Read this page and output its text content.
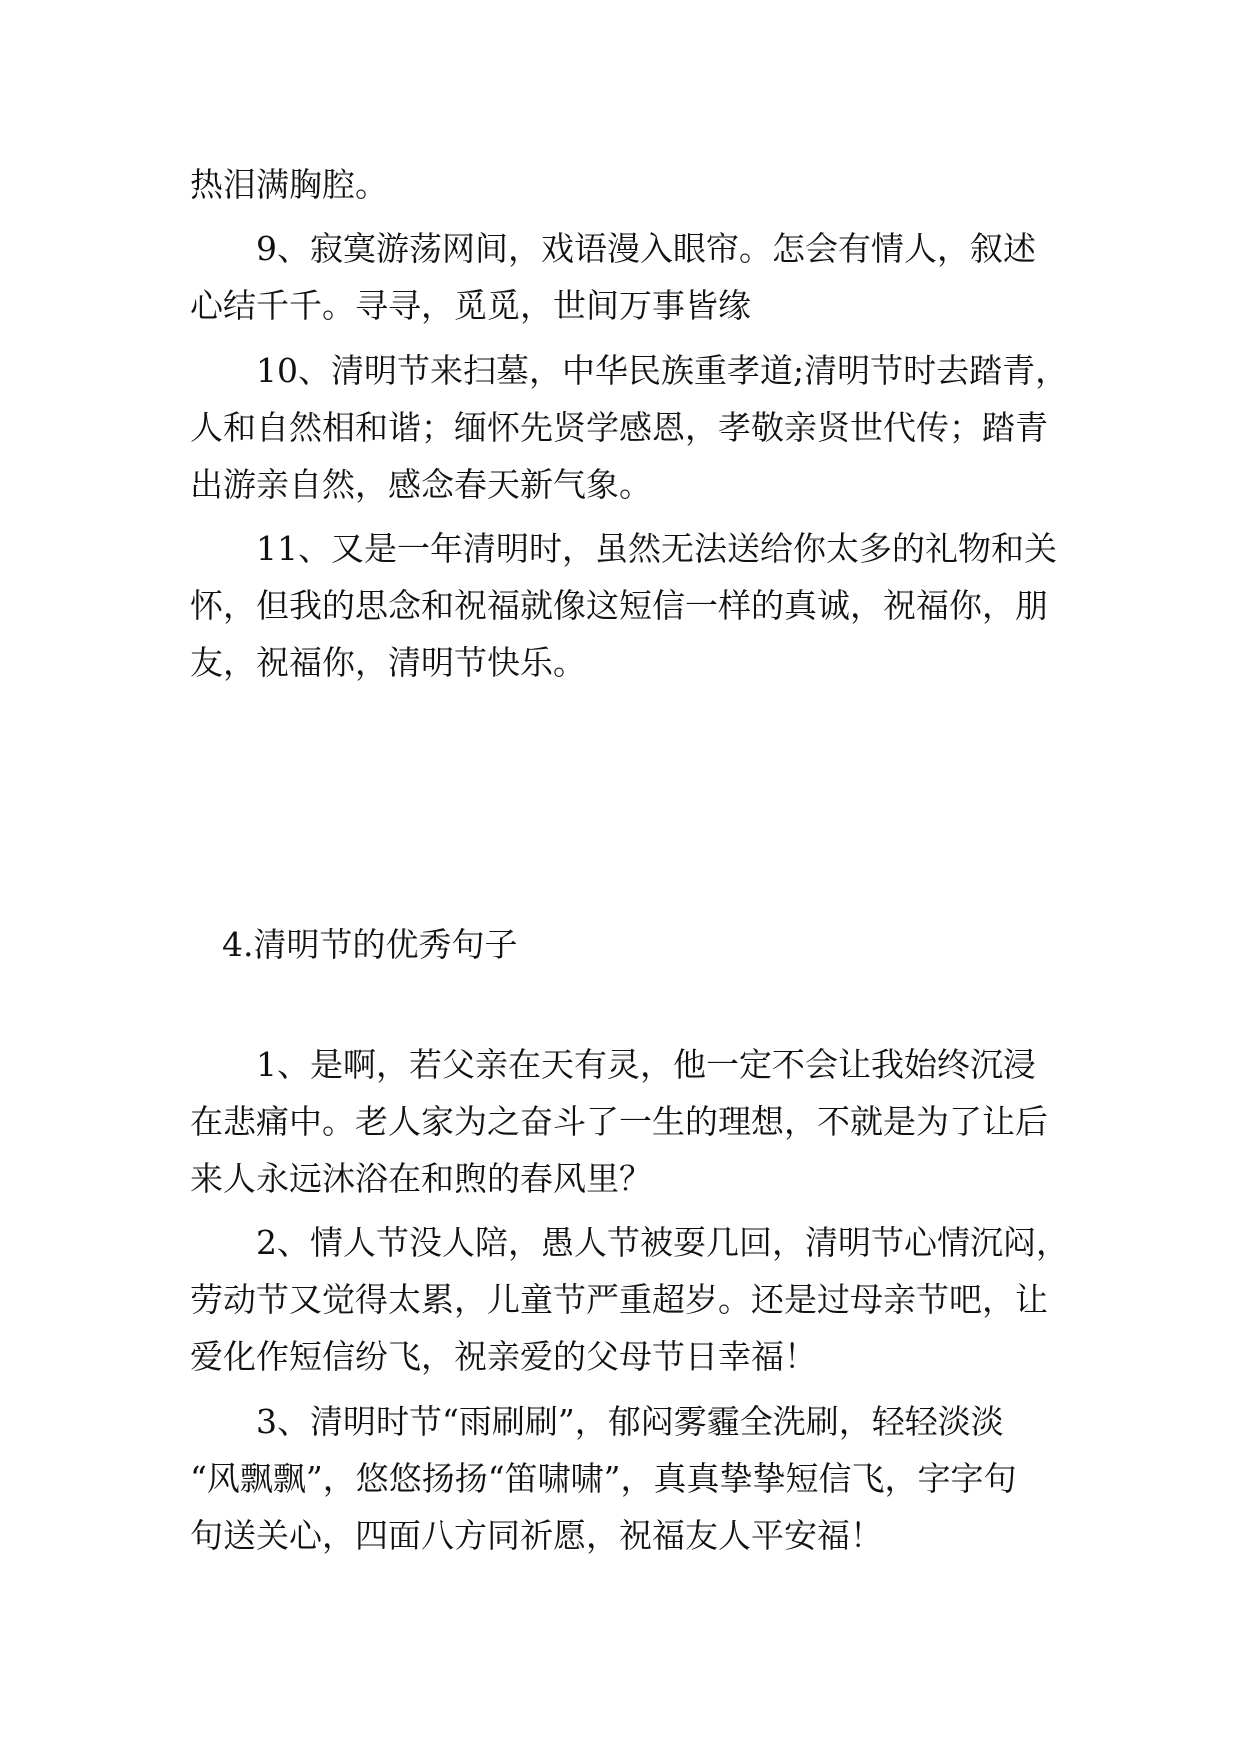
热泪满胸腔。
9、寂寞游荡网间，戏语漫入眼帘。怎会有情人，叙述
心结千千。寻寻，觅觅，世间万事皆缘
10、清明节来扫墓，中华民族重孝道;清明节时去踏青，
人和自然相和谐；缅怀先贤学感恩，孝敬亲贤世代传；踏青
出游亲自然，感念春天新气象。
11、又是一年清明时，虽然无法送给你太多的礼物和关
怀，但我的思念和祝福就像这短信一样的真诚，祝福你，朋
友，祝福你，清明节快乐。
4.清明节的优秀句子
1、是啊，若父亲在天有灵，他一定不会让我始终沉浸
在悲痛中。老人家为之奋斗了一生的理想，不就是为了让后
来人永远沐浴在和煦的春风里？
2、情人节没人陪，愚人节被耍几回，清明节心情沉闷，
劳动节又觉得太累，儿童节严重超岁。还是过母亲节吧，让
爱化作短信纷飞，祝亲爱的父母节日幸福！
3、清明时节“雨刷刷”，郁闷雾霾全洗刷，轻轻淡淡
“风飘飘”，悠悠扬扬“笛啸啸”，真真挚挚短信飞，字字句
句送关心，四面八方同祈愿，祝福友人平安福！
